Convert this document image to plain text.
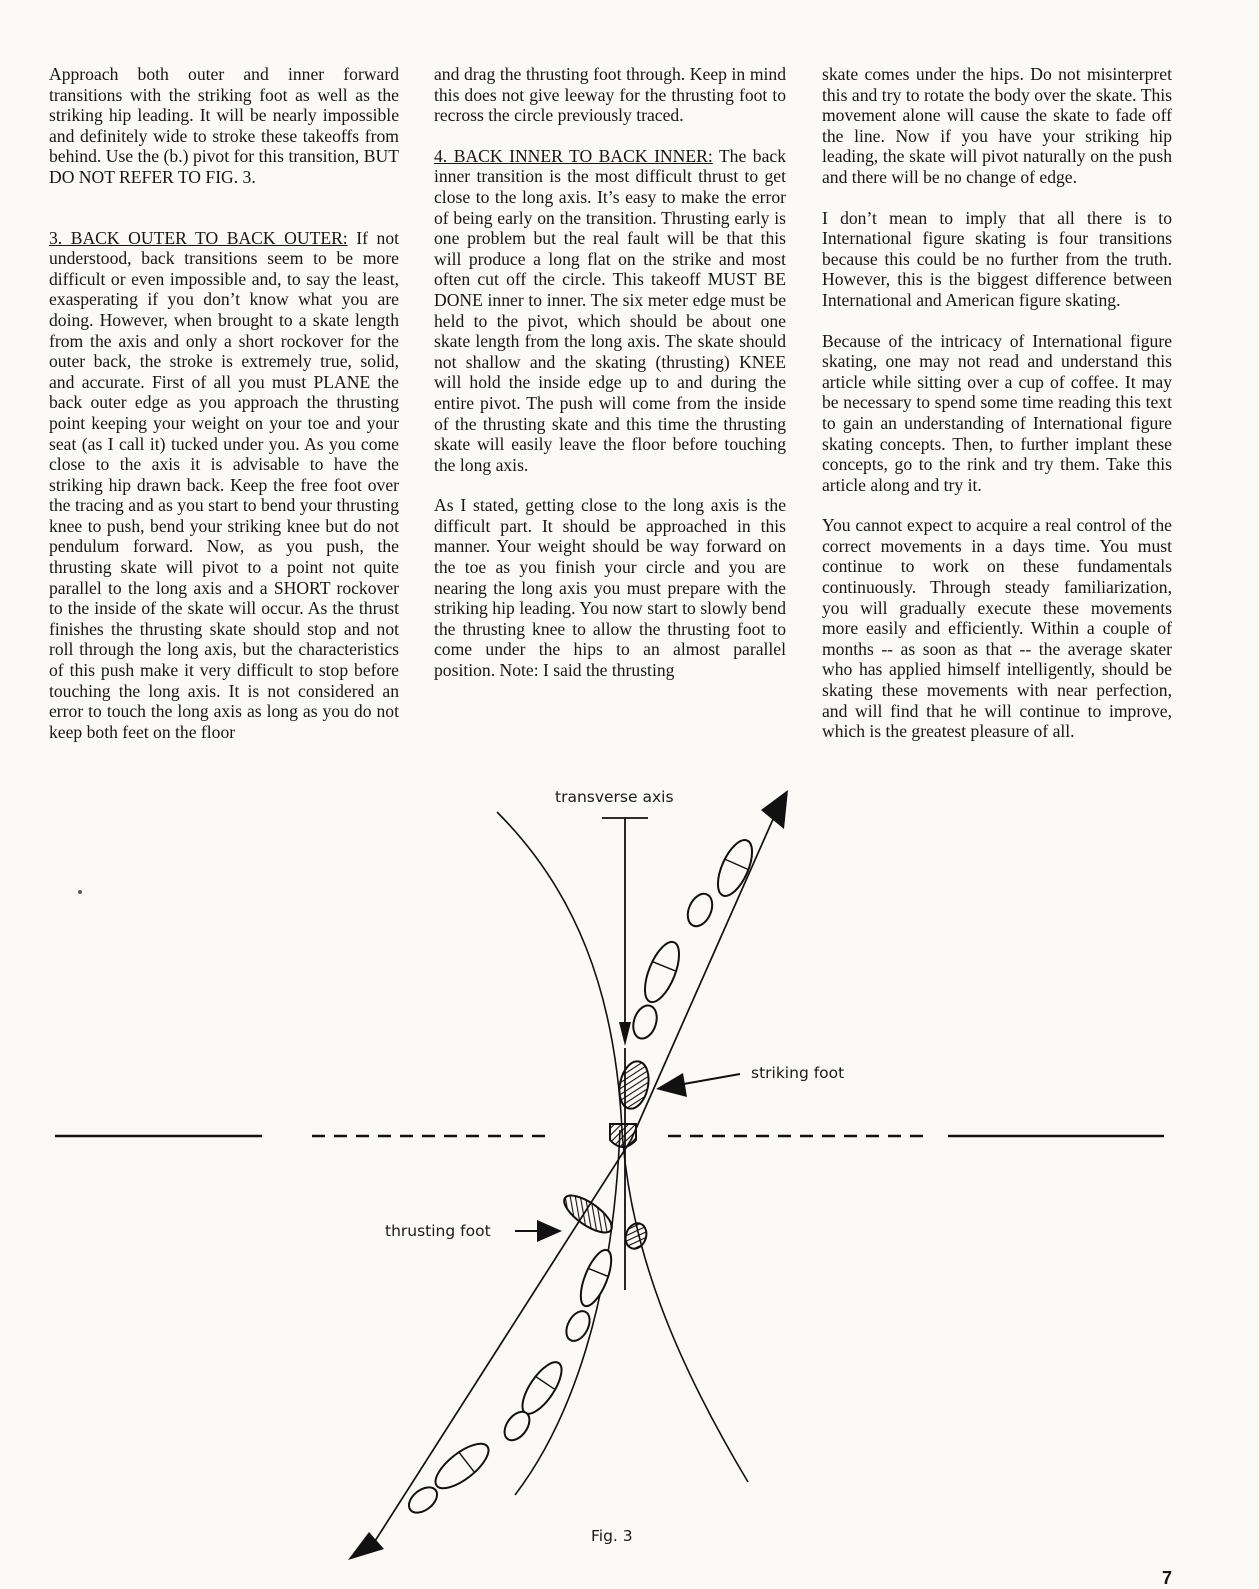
Approach both outer and inner forward transitions with the striking foot as well as the striking hip leading. It will be nearly impossible and definitely wide to stroke these takeoffs from behind. Use the (b.) pivot for this transition, BUT DO NOT REFER TO FIG. 3.

3. BACK OUTER TO BACK OUTER: If not understood, back transitions seem to be more difficult or even impossible and, to say the least, exasperating if you don’t know what you are doing. However, when brought to a skate length from the axis and only a short rockover for the outer back, the stroke is extremely true, solid, and accurate. First of all you must PLANE the back outer edge as you approach the thrusting point keeping your weight on your toe and your seat (as I call it) tucked under you. As you come close to the axis it is advisable to have the striking hip drawn back. Keep the free foot over the tracing and as you start to bend your thrusting knee to push, bend your striking knee but do not pendulum forward. Now, as you push, the thrusting skate will pivot to a point not quite parallel to the long axis and a SHORT rockover to the inside of the skate will occur. As the thrust finishes the thrusting skate should stop and not roll through the long axis, but the characteristics of this push make it very difficult to stop before touching the long axis. It is not considered an error to touch the long axis as long as you do not keep both feet on the floor

and drag the thrusting foot through. Keep in mind this does not give leeway for the thrusting foot to recross the circle previously traced.

4. BACK INNER TO BACK INNER: The back inner transition is the most difficult thrust to get close to the long axis. It’s easy to make the error of being early on the transition. Thrusting early is one problem but the real fault will be that this will produce a long flat on the strike and most often cut off the circle. This takeoff MUST BE DONE inner to inner. The six meter edge must be held to the pivot, which should be about one skate length from the long axis. The skate should not shallow and the skating (thrusting) KNEE will hold the inside edge up to and during the entire pivot. The push will come from the inside of the thrusting skate and this time the thrusting skate will easily leave the floor before touching the long axis.

As I stated, getting close to the long axis is the difficult part. It should be approached in this manner. Your weight should be way forward on the toe as you finish your circle and you are nearing the long axis you must prepare with the striking hip leading. You now start to slowly bend the thrusting knee to allow the thrusting foot to come under the hips to an almost parallel position. Note: I said the thrusting

skate comes under the hips. Do not misinterpret this and try to rotate the body over the skate. This movement alone will cause the skate to fade off the line. Now if you have your striking hip leading, the skate will pivot naturally on the push and there will be no change of edge.

I don’t mean to imply that all there is to International figure skating is four transitions because this could be no further from the truth. However, this is the biggest difference between International and American figure skating.

Because of the intricacy of International figure skating, one may not read and understand this article while sitting over a cup of coffee. It may be necessary to spend some time reading this text to gain an understanding of International figure skating concepts. Then, to further implant these concepts, go to the rink and try them. Take this article along and try it.

You cannot expect to acquire a real control of the correct movements in a days time. You must continue to work on these fundamentals continuously. Through steady familiarization, you will gradually execute these movements more easily and efficiently. Within a couple of months -- as soon as that -- the average skater who has applied himself intelligently, should be skating these movements with near perfection, and will find that he will continue to improve, which is the greatest pleasure of all.

transverse axis
striking foot
thrusting foot
Fig. 3
7
